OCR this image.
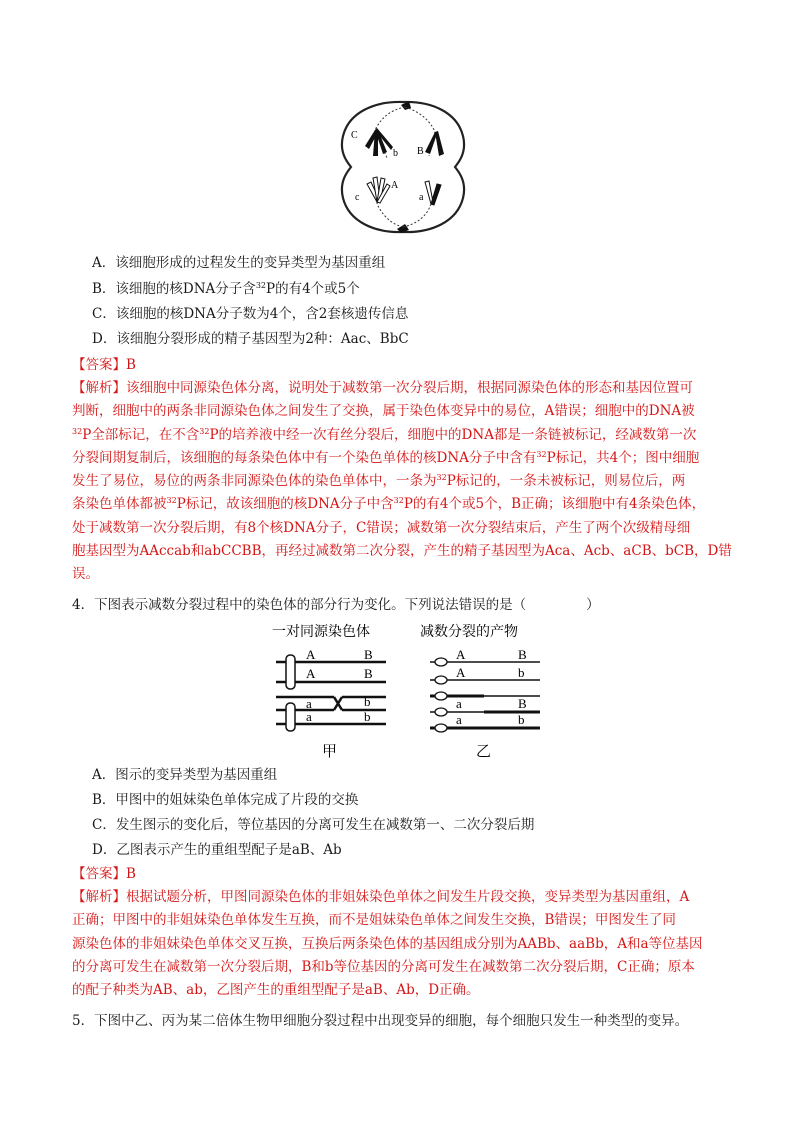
C
b B
c
A
a
A．该细胞形成的过程发生的变异类型为基因重组
B．该细胞的核DNA分子含$^{32}$P的有4个或5个
C．该细胞的核DNA分子数为4个，含2套核遗传信息
D．该细胞分裂形成的精子基因型为2种：Aac、BbC
【答案】B

【解析】该细胞中同源染色体分离，说明处于减数第一次分裂后期，根据同源染色体的形态和基因位置可

判断，细胞中的两条非同源染色体之间发生了交换，属于染色体变异中的易位，A错误；细胞中的DNA被

$^{32}$P全部标记，在不含$^{32}$P的培养液中经一次有丝分裂后，细胞中的DNA都是一条链被标记，经减数第一次

分裂间期复制后，该细胞的每条染色体中有一个染色单体的核DNA分子中含有$^{32}$P标记，共4个；图中细胞

发生了易位，易位的两条非同源染色体的染色单体中，一条为$^{32}$P标记的，一条未被标记，则易位后，两

条染色单体都被$^{32}$P标记，故该细胞的核DNA分子中含$^{32}$P的有4个或5个，B正确；该细胞中有4条染色体，

处于减数第一次分裂后期，有8个核DNA分子，C错误；减数第一次分裂结束后，产生了两个次级精母细

胞基因型为AAccab和abCCBB，再经过减数第二次分裂，产生的精子基因型为Aca、Acb、aCB、bCB，D错

误。

4．下图表示减数分裂过程中的染色体的部分行为变化。下列说法错误的是（	）
一对同源染色体	减数分裂的产物
A	B
A	B
a	b
a	b
A	B
A	b
a	B
a	b
甲	乙
A．图示的变异类型为基因重组
B．甲图中的姐妹染色单体完成了片段的交换
C．发生图示的变化后，等位基因的分离可发生在减数第一、二次分裂后期
D．乙图表示产生的重组型配子是aB、Ab
【答案】B

【解析】根据试题分析，甲图同源染色体的非姐妹染色单体之间发生片段交换，变异类型为基因重组，A

正确；甲图中的非姐妹染色单体发生互换，而不是姐妹染色单体之间发生交换，B错误；甲图发生了同

源染色体的非姐妹染色单体交叉互换，互换后两条染色体的基因组成分别为AABb、aaBb，A和a等位基因

的分离可发生在减数第一次分裂后期，B和b等位基因的分离可发生在减数第二次分裂后期，C正确；原本

的配子种类为AB、ab，乙图产生的重组型配子是aB、Ab，D正确。

5．下图中乙、丙为某二倍体生物甲细胞分裂过程中出现变异的细胞，每个细胞只发生一种类型的变异。
